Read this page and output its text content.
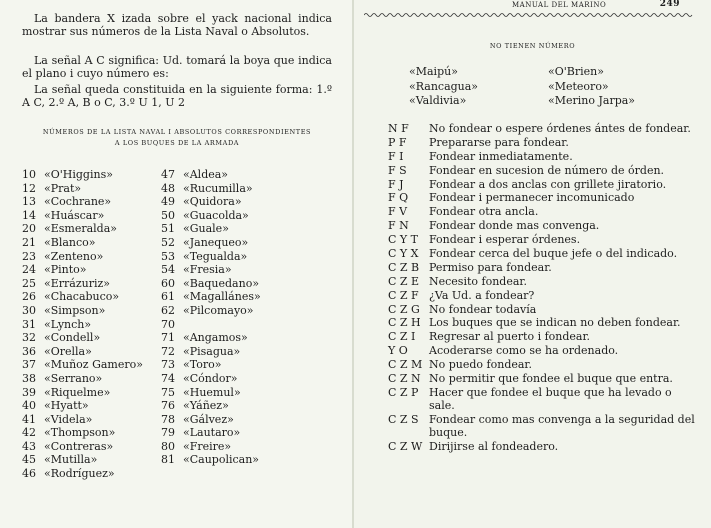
La bandera X izada sobre el yack nacional indica mostrar sus números de la Lista Naval o Absolutos.

La señal A C significa: Ud. tomará la boya que indica el plano i cuyo número es:

La señal queda constituida en la siguiente forma: 1.º A C, 2.º A, B o C, 3.º U 1, U 2

NÚMEROS DE LA LISTA NAVAL I ABSOLUTOS CORRESPONDIENTES
A LOS BUQUES DE LA ARMADA
10 «O'Higgins»
12 «Prat»
13 «Cochrane»
14 «Huáscar»
20 «Esmeralda»
21 «Blanco»
23 «Zenteno»
24 «Pinto»
25 «Errázuriz»
26 «Chacabuco»
30 «Simpson»
31 «Lynch»
32 «Condell»
36 «Orella»
37 «Muñoz Gamero»
38 «Serrano»
39 «Riquelme»
40 «Hyatt»
41 «Videla»
42 «Thompson»
43 «Contreras»
45 «Mutilla»
46 «Rodríguez»
47 «Aldea»
48 «Rucumilla»
49 «Quidora»
50 «Guacolda»
51 «Guale»
52 «Janequeo»
53 «Tegualda»
54 «Fresia»
60 «Baquedano»
61 «Magallánes»
62 «Pilcomayo»
70
71 «Angamos»
72 «Pisagua»
73 «Toro»
74 «Cóndor»
75 «Huemul»
76 «Yáñez»
78 «Gálvez»
79 «Lautaro»
80 «Freire»
81 «Caupolican»
MANUAL DEL MARINO	249
NO TIENEN NÚMERO
«Maipú»
«Rancagua»
«Valdivia»
«O'Brien»
«Meteoro»
«Merino Jarpa»
N F No fondear o espere órdenes ántes de fondear.
P F Prepararse para fondear.
F I Fondear inmediatamente.
F S Fondear en sucesion de número de órden.
F J Fondear a dos anclas con grillete jiratorio.
F Q Fondear i permanecer incomunicado
F V Fondear otra ancla.
F N Fondear donde mas convenga.
C Y T Fondear i esperar órdenes.
C Y X Fondear cerca del buque jefe o del indicado.
C Z B Permiso para fondear.
C Z E Necesito fondear.
C Z F ¿Va Ud. a fondear?
C Z G No fondear todavía
C Z H Los buques que se indican no deben fondear.
C Z I Regresar al puerto i fondear.
Y O Acoderarse como se ha ordenado.
C Z M No puedo fondear.
C Z N No permitir que fondee el buque que entra.
C Z P Hacer que fondee el buque que ha levado o sale.
C Z S Fondear como mas convenga a la seguridad del buque.
C Z W Dirijirse al fondeadero.
